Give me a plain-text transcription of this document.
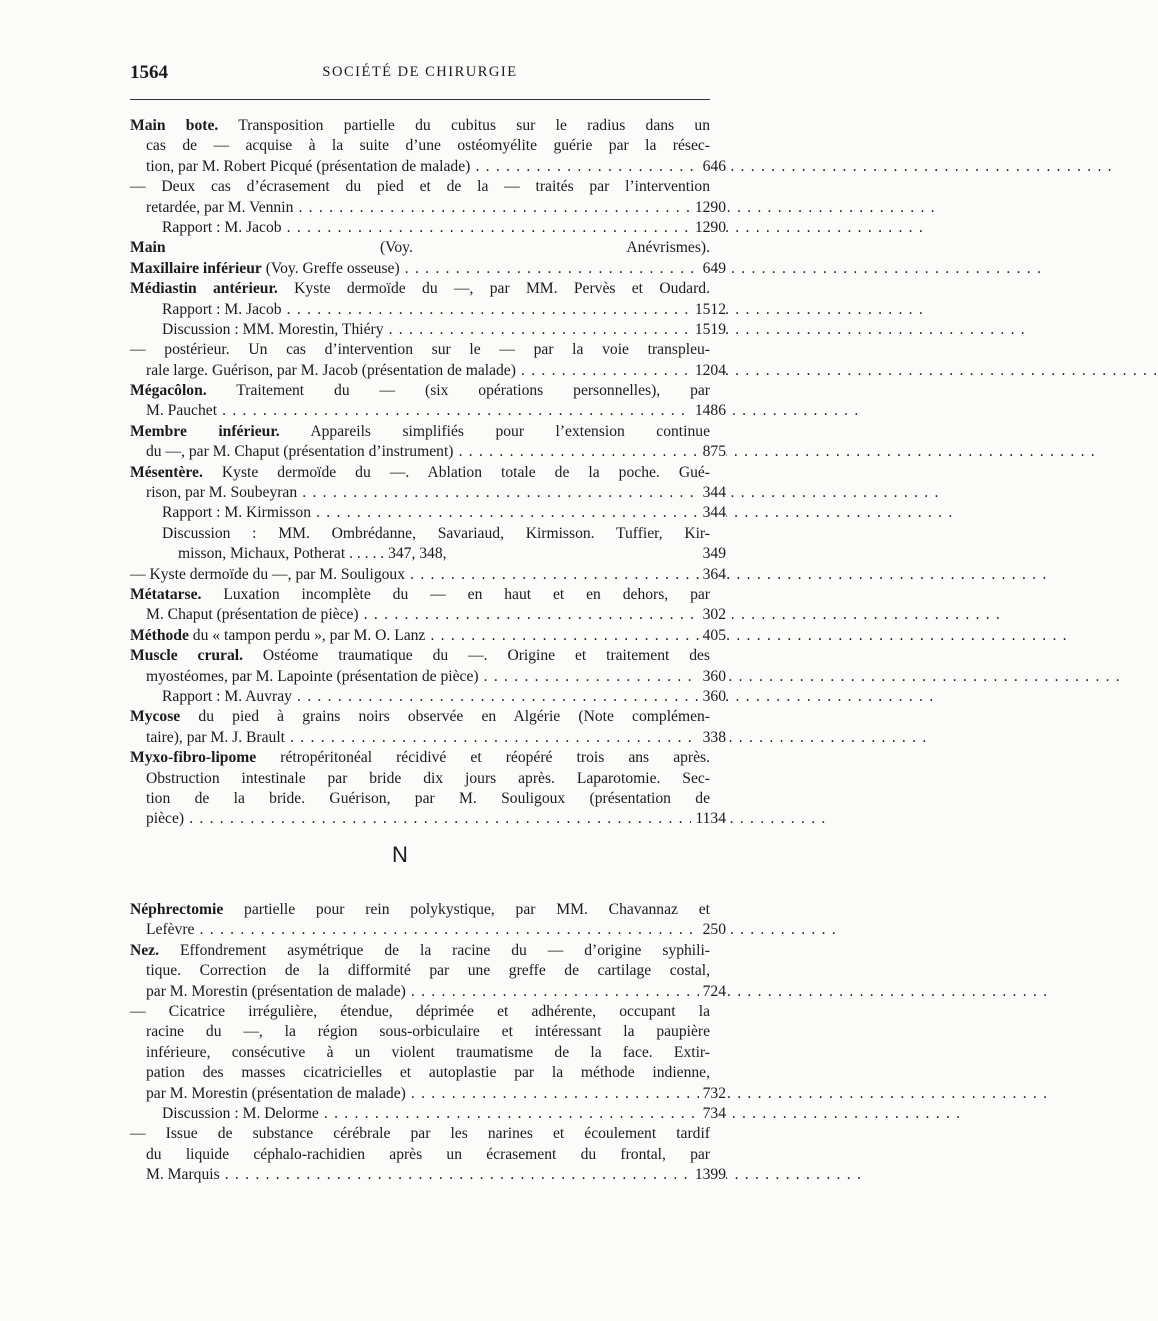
1564	SOCIÉTÉ DE CHIRURGIE
Main bote. Transposition partielle du cubitus sur le radius dans un
cas de — acquise à la suite d’une ostéomyélite guérie par la résec-
tion, par M. Robert Picqué (présentation de malade)	646
. . .
— Deux cas d’écrasement du pied et de la — traités par l’intervention
retardée, par M. Vennin	1290
. . .
Rapport : M. Jacob	1290
. . .
Main (Voy. Anévrismes).
Maxillaire inférieur (Voy. Greffe osseuse)	649
. . .
Médiastin antérieur. Kyste dermoïde du —, par MM. Pervès et Oudard.
Rapport : M. Jacob	1512
. . .
Discussion : MM. Morestin, Thiéry	1519
. . .
— postérieur. Un cas d’intervention sur le — par la voie transpleu-
rale large. Guérison, par M. Jacob (présentation de malade)	1204
. . .
Mégacôlon. Traitement du — (six opérations personnelles), par
M. Pauchet	1486
. . .
Membre inférieur. Appareils simplifiés pour l’extension continue
du —, par M. Chaput (présentation d’instrument)	875
. . .
Mésentère. Kyste dermoïde du —. Ablation totale de la poche. Gué-
rison, par M. Soubeyran	344
. . .
Rapport : M. Kirmisson	344
. . .
Discussion : MM. Ombrédanne, Savariaud, Kirmisson. Tuffier, Kir-
misson, Michaux, Potherat . . . . . 347, 348,	349
— Kyste dermoïde du —, par M. Souligoux	364
. . .
Métatarse. Luxation incomplète du — en haut et en dehors, par
M. Chaput (présentation de pièce)	302
. . .
Méthode du « tampon perdu », par M. O. Lanz	405
. . .
Muscle crural. Ostéome traumatique du —. Origine et traitement des
myostéomes, par M. Lapointe (présentation de pièce)	360
. . .
Rapport : M. Auvray	360
. . .
Mycose du pied à grains noirs observée en Algérie (Note complémen-
taire), par M. J. Brault	338
. . .
Myxo-fibro-lipome rétropéritonéal récidivé et réopéré trois ans après.
Obstruction intestinale par bride dix jours après. Laparotomie. Sec-
tion de la bride. Guérison, par M. Souligoux (présentation de
pièce)	1134
. . .
N
Néphrectomie partielle pour rein polykystique, par MM. Chavannaz et
Lefèvre	250
. . .
Nez. Effondrement asymétrique de la racine du — d’origine syphili-
tique. Correction de la difformité par une greffe de cartilage costal,
par M. Morestin (présentation de malade)	724
. . .
— Cicatrice irrégulière, étendue, déprimée et adhérente, occupant la
racine du —, la région sous-orbiculaire et intéressant la paupière
inférieure, consécutive à un violent traumatisme de la face. Extir-
pation des masses cicatricielles et autoplastie par la méthode indienne,
par M. Morestin (présentation de malade)	732
. . .
Discussion : M. Delorme	734
. . .
— Issue de substance cérébrale par les narines et écoulement tardif
du liquide céphalo-rachidien après un écrasement du frontal, par
M. Marquis	1399
. . .
